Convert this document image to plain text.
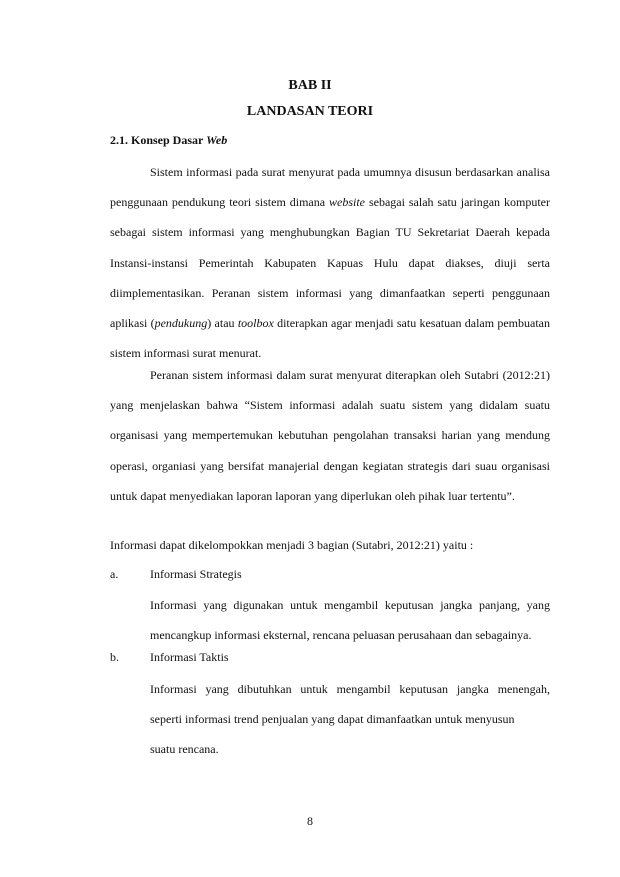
BAB II
LANDASAN TEORI
2.1. Konsep Dasar Web

Sistem informasi pada surat menyurat pada umumnya disusun berdasarkan analisa penggunaan pendukung teori sistem dimana website sebagai salah satu jaringan komputer sebagai sistem informasi yang menghubungkan Bagian TU Sekretariat Daerah kepada Instansi-instansi Pemerintah Kabupaten Kapuas Hulu dapat diakses, diuji serta diimplementasikan. Peranan sistem informasi yang dimanfaatkan seperti penggunaan aplikasi (pendukung) atau toolbox diterapkan agar menjadi satu kesatuan dalam pembuatan sistem informasi surat menurat.

Peranan sistem informasi dalam surat menyurat diterapkan oleh Sutabri (2012:21) yang menjelaskan bahwa “Sistem informasi adalah suatu sistem yang didalam suatu organisasi yang mempertemukan kebutuhan pengolahan transaksi harian yang mendung operasi, organiasi yang bersifat manajerial dengan kegiatan strategis dari suau organisasi untuk dapat menyediakan laporan laporan yang diperlukan oleh pihak luar tertentu”.

Informasi dapat dikelompokkan menjadi 3 bagian (Sutabri, 2012:21) yaitu :
a.	Informasi Strategis
Informasi yang digunakan untuk mengambil keputusan jangka panjang, yang mencangkup informasi eksternal, rencana peluasan perusahaan dan sebagainya.
b.	Informasi Taktis
Informasi yang dibutuhkan untuk mengambil keputusan jangka menengah,
seperti informasi trend penjualan yang dapat dimanfaatkan untuk menyusun
suatu rencana.
8
